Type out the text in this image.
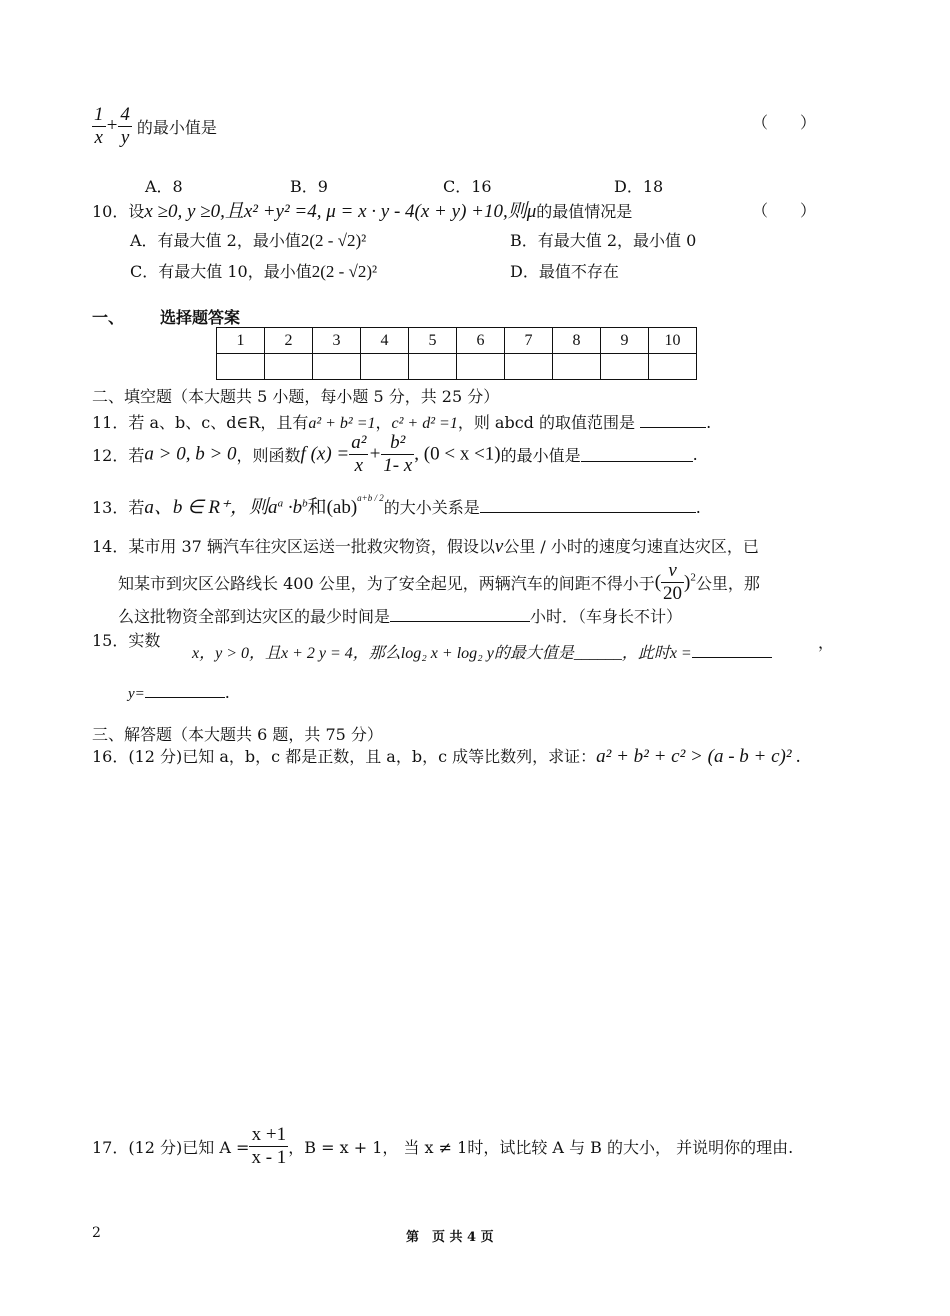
$\frac{1}{x} + \frac{4}{y}$ 的最小值是	（　　）
A．8	B．9	C．16	D．18
10．设x ≥0, y ≥0,且x² +y² =4, μ = x · y - 4(x + y) +10,则μ的最值情况是	（　　）
A．有最大值 2，最小值2(2 - √2)²	B．有最大值 2，最小值 0
C．有最大值 10，最小值2(2 - √2)²	D．最值不存在
一、 选择题答案
1	2	3	4	5	6	7	8	9	10

二、填空题（本大题共 5 小题，每小题 5 分，共 25 分）
11．若 a、b、c、d∈R，且有a² + b² =1，c² + d² =1，则 abcd 的取值范围是	.
12．若a > 0, b > 0，则函数f $(x) = \frac{\text{a²}}{x} + \frac{\text{b²}}{1- x}$ , (0 < x <1)的最小值是	.
13．若a、b ∈ R⁺，则$a^a \cdot b^b$和(ab)$^{a+b / 2}$的大小关系是	.
14．某市用 37 辆汽车往灾区运送一批救灾物资，假设以v公里 / 小时的速度匀速直达灾区，已
知某市到灾区公路线长 400 公里，为了安全起见，两辆汽车的间距不得小于( $\frac{v}{20} )^2$公里，那
么这批物资全部到达灾区的最少时间是	小时．（车身长不计）
15．实数
x，y > 0，且x + 2 y = 4，那么log₂ x + log₂ y的最大值是______，此时x =
，
y=	.
三、解答题（本大题共 6 题，共 75 分）
16．(12 分)已知 a，b，c 都是正数，且 a，b，c 成等比数列，求证：a² + b² + c² > (a - b + c)² .
17．(12 分)已知 $A = \frac{x +1}{x - 1}$ ，B = x + 1， 当 x ≠ 1时，试比较 A 与 B 的大小， 并说明你的理由.
2	第　页 共 4 页
